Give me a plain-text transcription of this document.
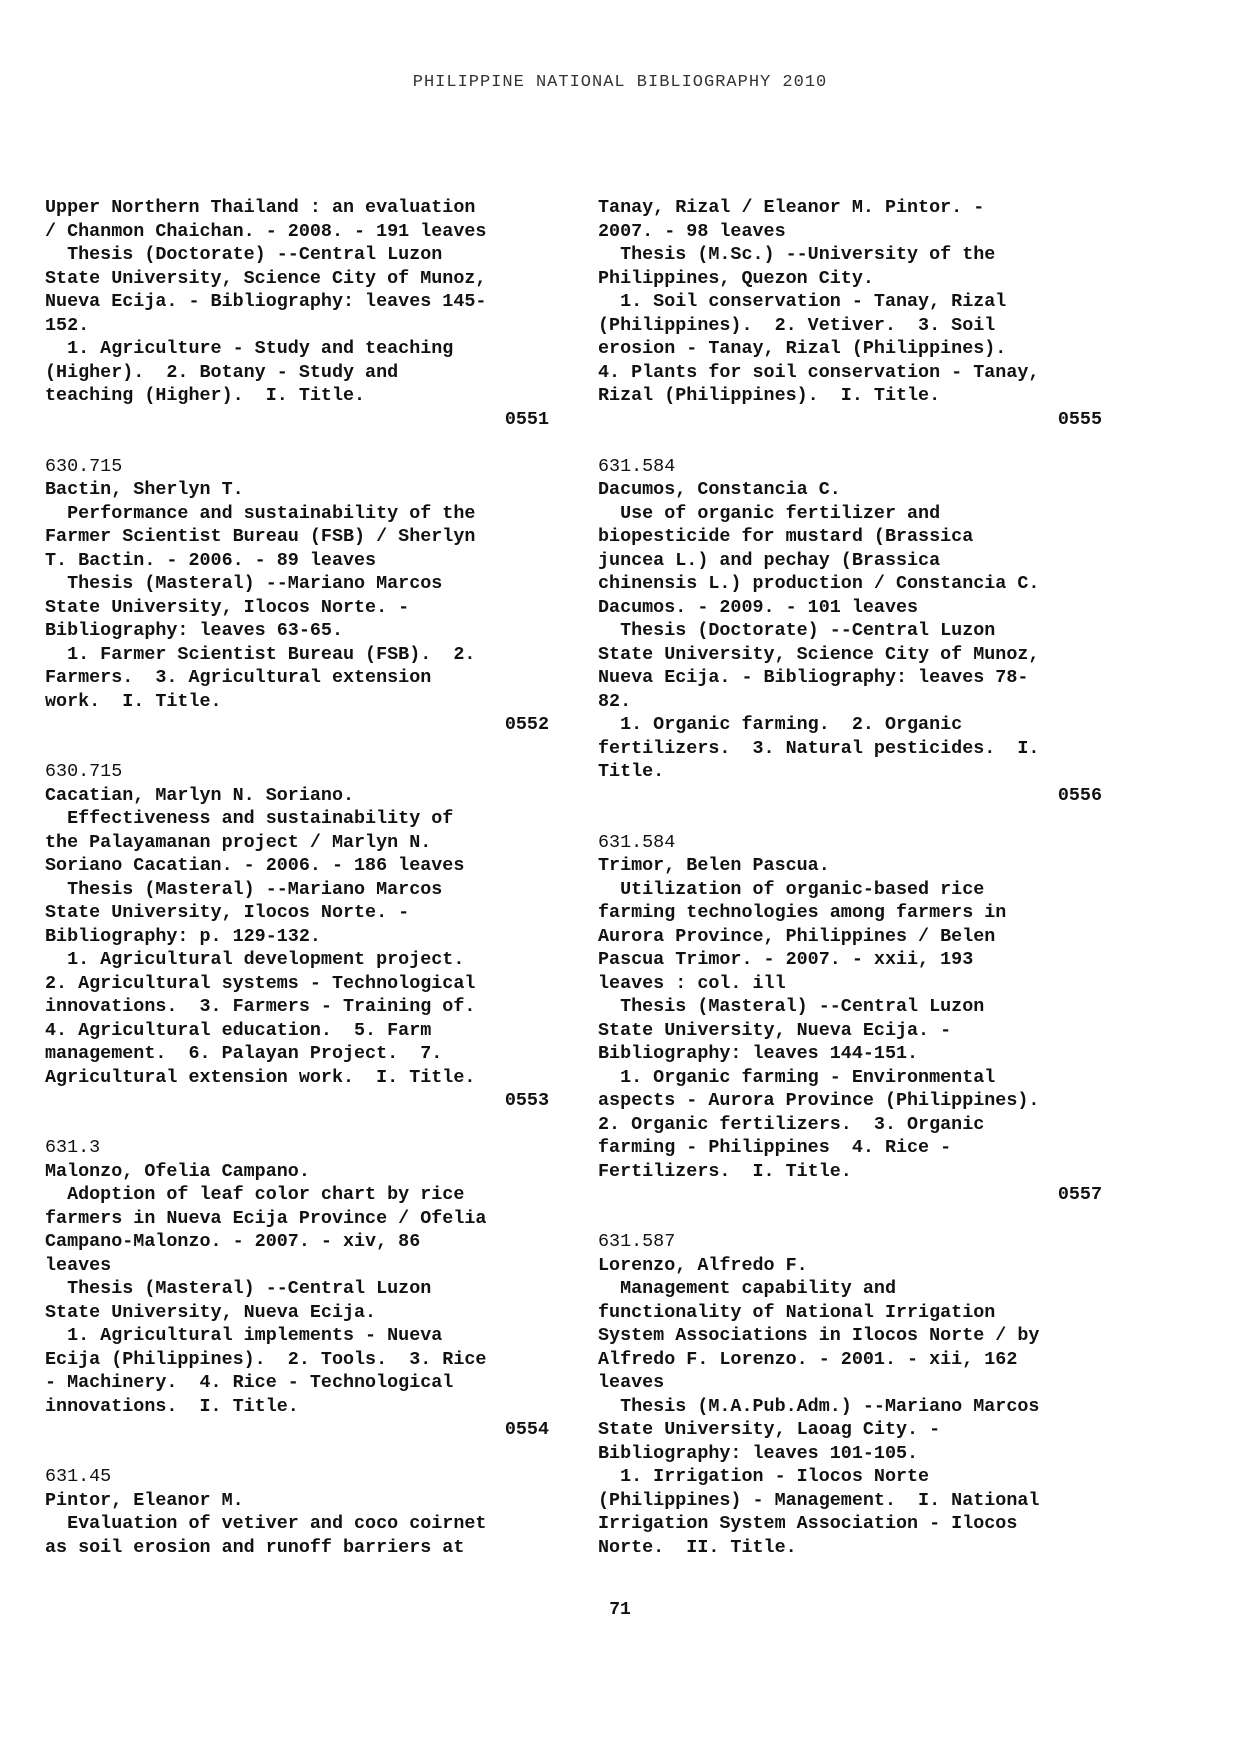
PHILIPPINE NATIONAL BIBLIOGRAPHY 2010
Upper Northern Thailand : an evaluation
/ Chanmon Chaichan. - 2008. - 191 leaves
Thesis (Doctorate) --Central Luzon
State University, Science City of Munoz,
Nueva Ecija. - Bibliography: leaves 145-
152.
1. Agriculture - Study and teaching
(Higher).  2. Botany - Study and
teaching (Higher).  I. Title.
0551
630.715
Bactin, Sherlyn T.
Performance and sustainability of the
Farmer Scientist Bureau (FSB) / Sherlyn
T. Bactin. - 2006. - 89 leaves
Thesis (Masteral) --Mariano Marcos
State University, Ilocos Norte. -
Bibliography: leaves 63-65.
1. Farmer Scientist Bureau (FSB).  2.
Farmers.  3. Agricultural extension
work.  I. Title.
0552
630.715
Cacatian, Marlyn N. Soriano.
Effectiveness and sustainability of
the Palayamanan project / Marlyn N.
Soriano Cacatian. - 2006. - 186 leaves
Thesis (Masteral) --Mariano Marcos
State University, Ilocos Norte. -
Bibliography: p. 129-132.
1. Agricultural development project.
2. Agricultural systems - Technological
innovations.  3. Farmers - Training of.
4. Agricultural education.  5. Farm
management.  6. Palayan Project.  7.
Agricultural extension work.  I. Title.
0553
631.3
Malonzo, Ofelia Campano.
Adoption of leaf color chart by rice
farmers in Nueva Ecija Province / Ofelia
Campano-Malonzo. - 2007. - xiv, 86
leaves
Thesis (Masteral) --Central Luzon
State University, Nueva Ecija.
1. Agricultural implements - Nueva
Ecija (Philippines).  2. Tools.  3. Rice
- Machinery.  4. Rice - Technological
innovations.  I. Title.
0554
631.45
Pintor, Eleanor M.
Evaluation of vetiver and coco coirnet
as soil erosion and runoff barriers at
Tanay, Rizal / Eleanor M. Pintor. -
2007. - 98 leaves
Thesis (M.Sc.) --University of the
Philippines, Quezon City.
1. Soil conservation - Tanay, Rizal
(Philippines).  2. Vetiver.  3. Soil
erosion - Tanay, Rizal (Philippines).
4. Plants for soil conservation - Tanay,
Rizal (Philippines).  I. Title.
0555
631.584
Dacumos, Constancia C.
Use of organic fertilizer and
biopesticide for mustard (Brassica
juncea L.) and pechay (Brassica
chinensis L.) production / Constancia C.
Dacumos. - 2009. - 101 leaves
Thesis (Doctorate) --Central Luzon
State University, Science City of Munoz,
Nueva Ecija. - Bibliography: leaves 78-
82.
1. Organic farming.  2. Organic
fertilizers.  3. Natural pesticides.  I.
Title.
0556
631.584
Trimor, Belen Pascua.
Utilization of organic-based rice
farming technologies among farmers in
Aurora Province, Philippines / Belen
Pascua Trimor. - 2007. - xxii, 193
leaves : col. ill
Thesis (Masteral) --Central Luzon
State University, Nueva Ecija. -
Bibliography: leaves 144-151.
1. Organic farming - Environmental
aspects - Aurora Province (Philippines).
2. Organic fertilizers.  3. Organic
farming - Philippines  4. Rice -
Fertilizers.  I. Title.
0557
631.587
Lorenzo, Alfredo F.
Management capability and
functionality of National Irrigation
System Associations in Ilocos Norte / by
Alfredo F. Lorenzo. - 2001. - xii, 162
leaves
Thesis (M.A.Pub.Adm.) --Mariano Marcos
State University, Laoag City. -
Bibliography: leaves 101-105.
1. Irrigation - Ilocos Norte
(Philippines) - Management.  I. National
Irrigation System Association - Ilocos
Norte.  II. Title.
71
